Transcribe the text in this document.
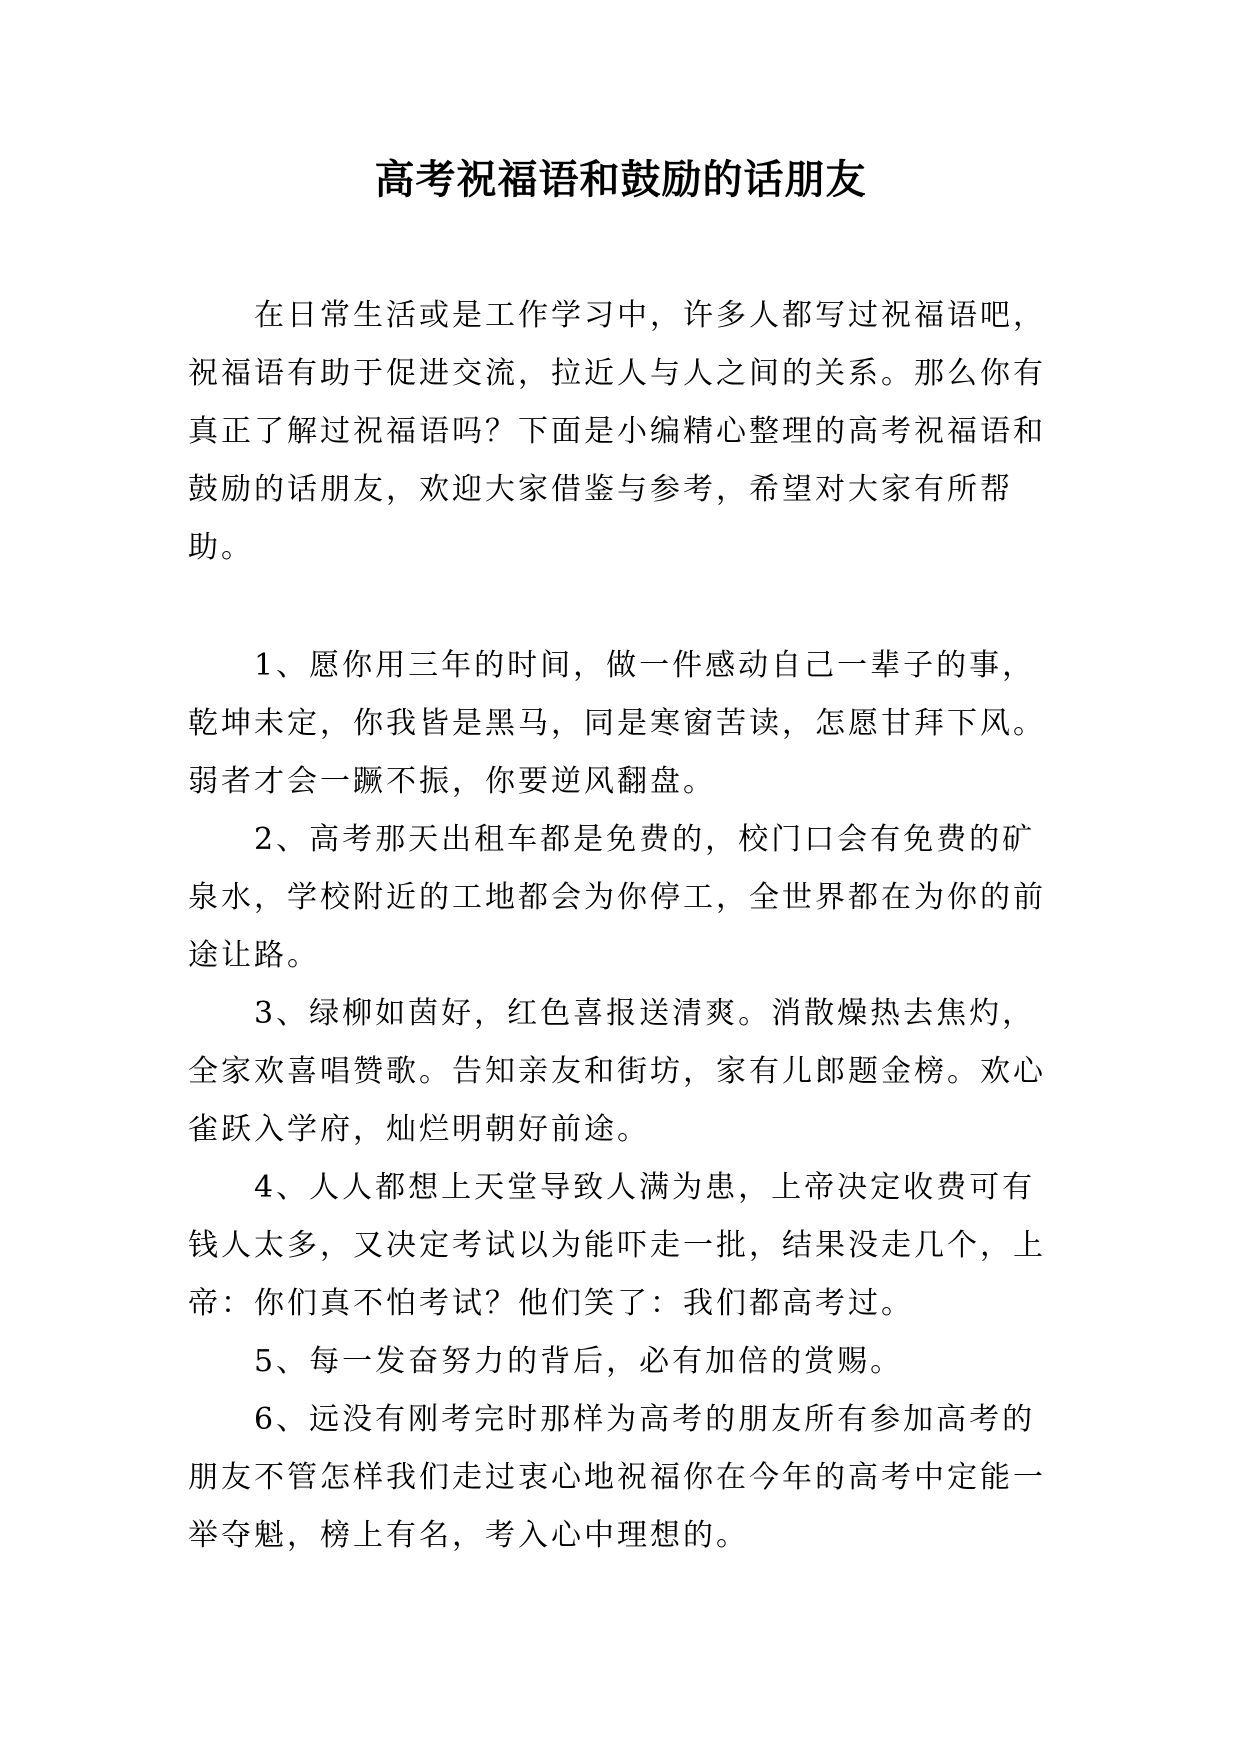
高考祝福语和鼓励的话朋友

在日常生活或是工作学习中，许多人都写过祝福语吧，祝福语有助于促进交流，拉近人与人之间的关系。那么你有真正了解过祝福语吗？下面是小编精心整理的高考祝福语和鼓励的话朋友，欢迎大家借鉴与参考，希望对大家有所帮助。

1、愿你用三年的时间，做一件感动自己一辈子的事，乾坤未定，你我皆是黑马，同是寒窗苦读，怎愿甘拜下风。弱者才会一蹶不振，你要逆风翻盘。

2、高考那天出租车都是免费的，校门口会有免费的矿泉水，学校附近的工地都会为你停工，全世界都在为你的前途让路。

3、绿柳如茵好，红色喜报送清爽。消散燥热去焦灼，全家欢喜唱赞歌。告知亲友和街坊，家有儿郎题金榜。欢心雀跃入学府，灿烂明朝好前途。

4、人人都想上天堂导致人满为患，上帝决定收费可有钱人太多，又决定考试以为能吓走一批，结果没走几个，上帝：你们真不怕考试？他们笑了：我们都高考过。

5、每一发奋努力的背后，必有加倍的赏赐。

6、远没有刚考完时那样为高考的朋友所有参加高考的朋友不管怎样我们走过衷心地祝福你在今年的高考中定能一举夺魁，榜上有名，考入心中理想的。
